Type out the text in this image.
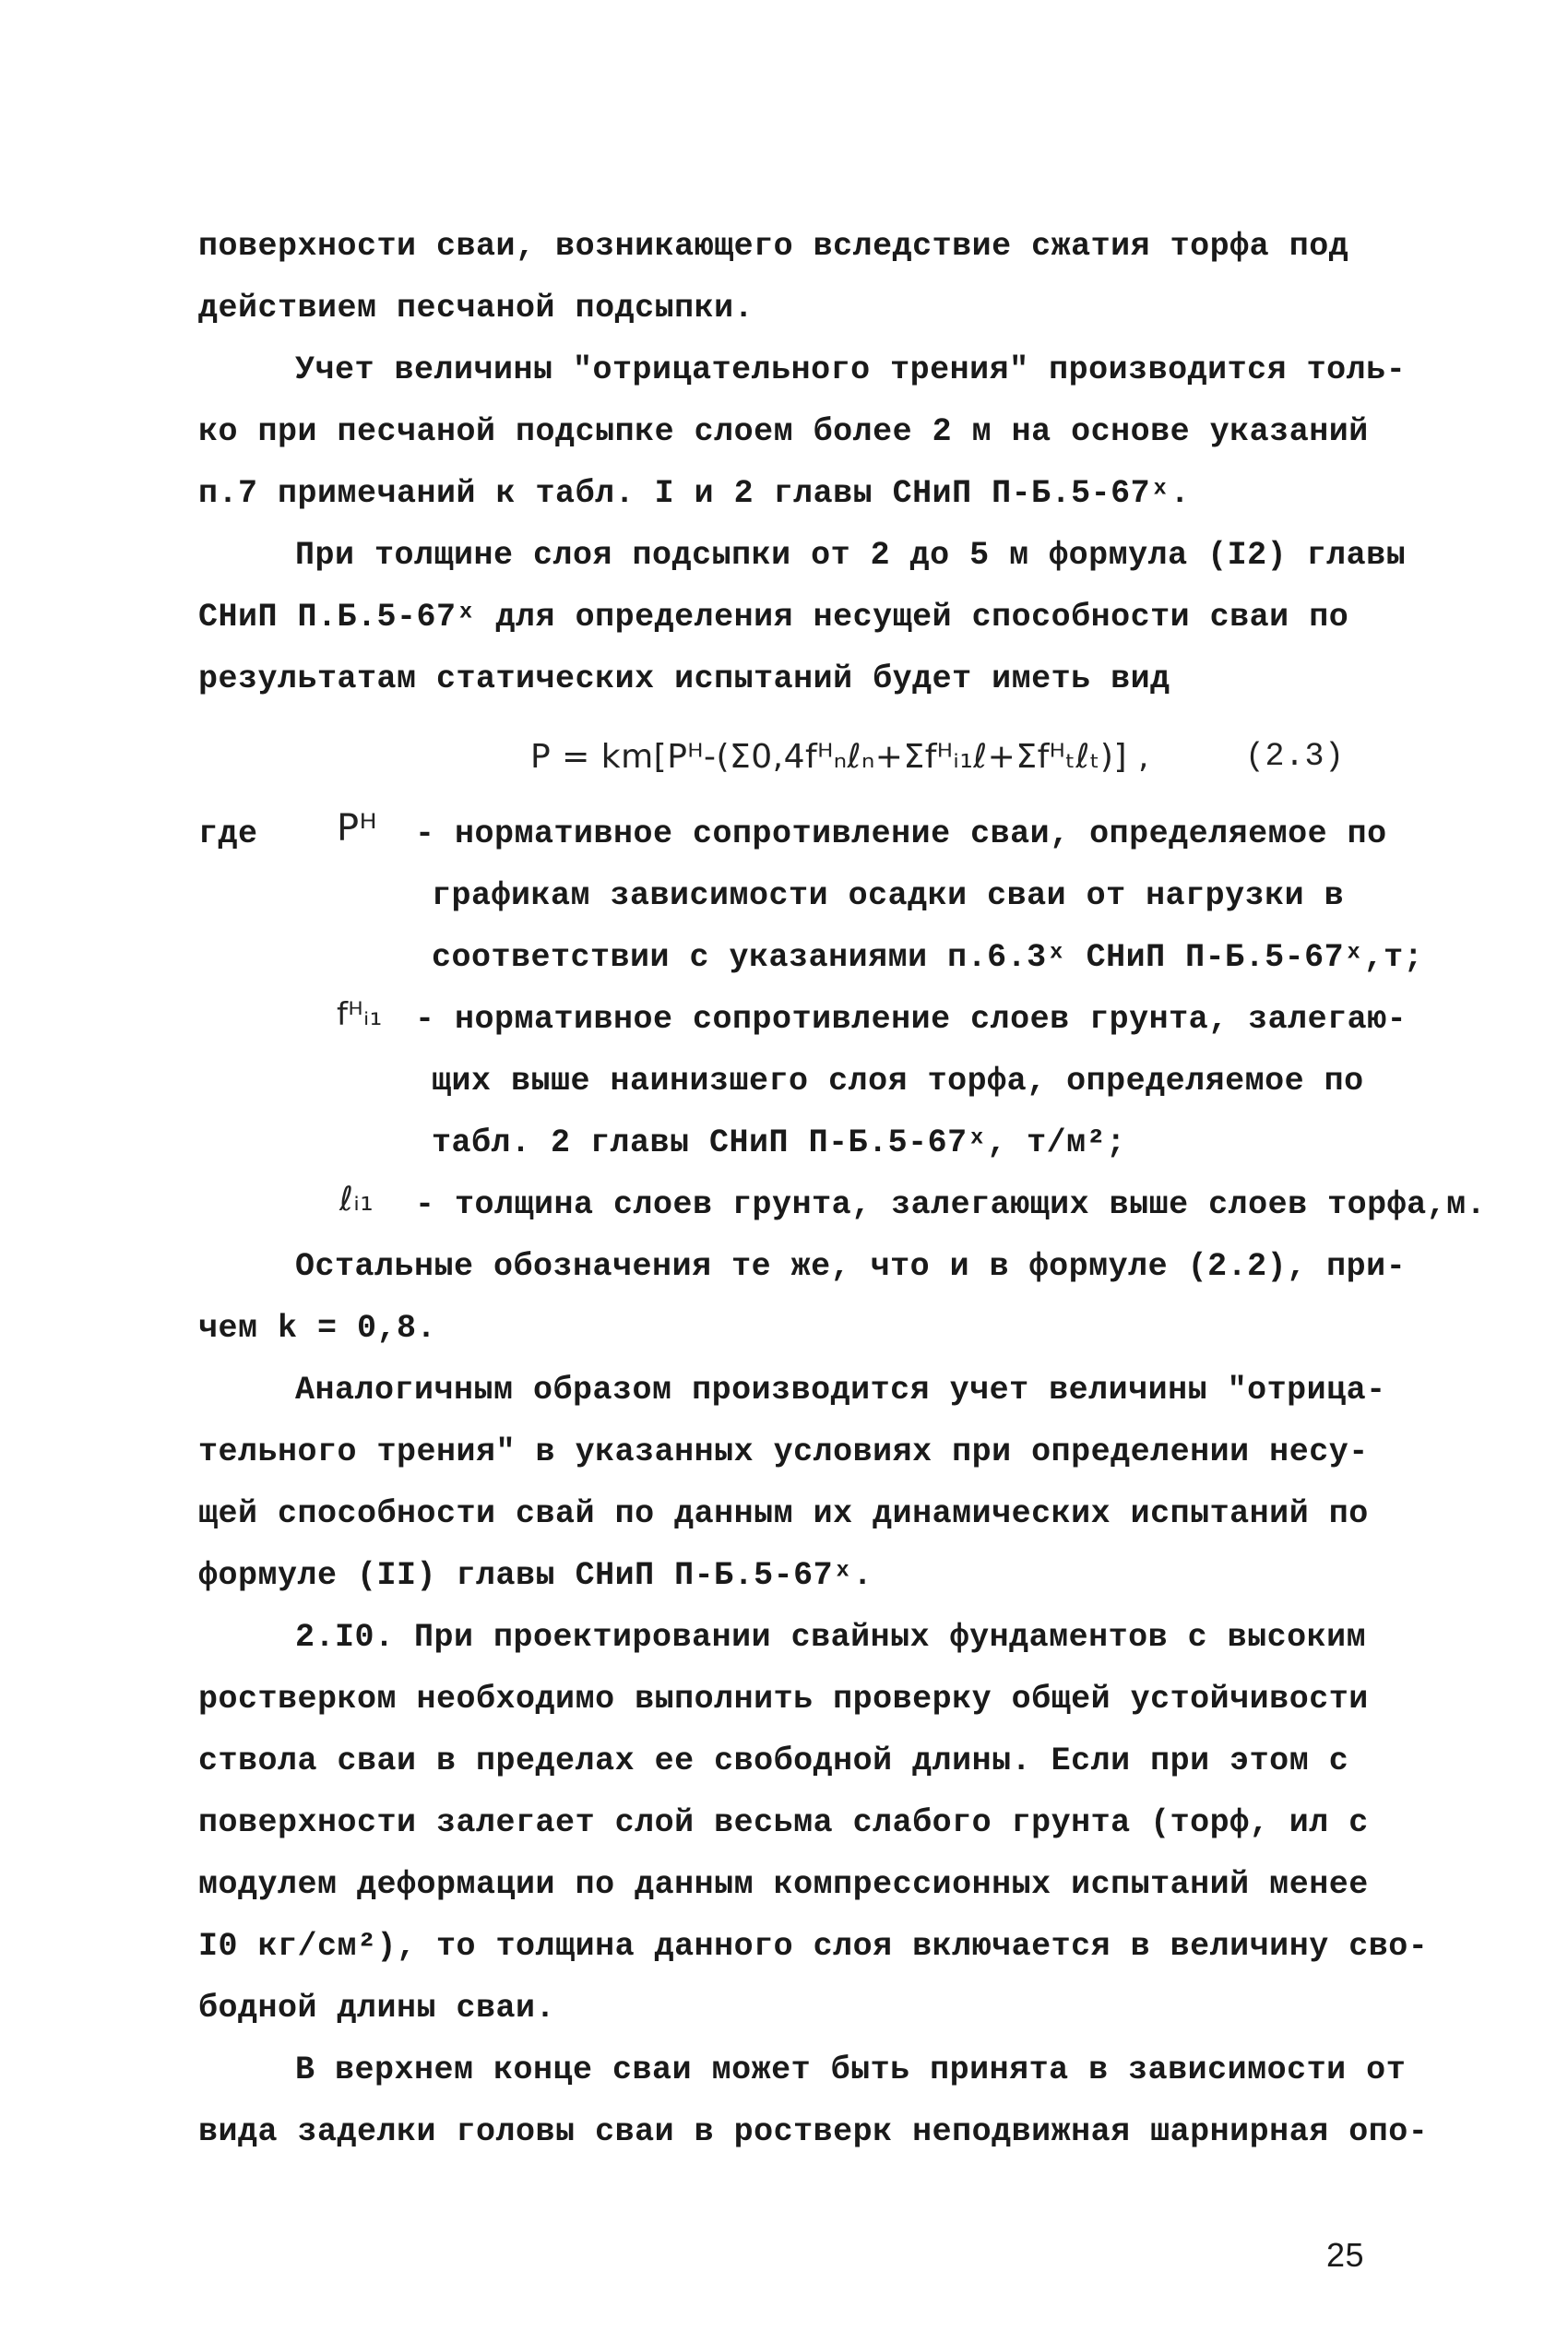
поверхности сваи, возникающего вследствие сжатия торфа под
действием песчаной подсыпки.
Учет величины "отрицательного трения" производится толь-
ко при песчаной подсыпке слоем более 2 м на основе указаний
п.7 примечаний к табл. I и 2 главы СНиП П-Б.5-67ˣ.
При толщине слоя подсыпки от 2 до 5 м формула (I2) главы
СНиП П.Б.5-67ˣ для определения несущей способности сваи по
результатам статических испытаний будет иметь вид
где	- нормативное сопротивление сваи, определяемое по
графикам зависимости осадки сваи от нагрузки в
соответствии с указаниями п.6.3ˣ СНиП П-Б.5-67ˣ,т;
- нормативное сопротивление слоев грунта, залегаю-
щих выше наинизшего слоя торфа, определяемое по
табл. 2 главы СНиП П-Б.5-67ˣ, т/м²;
- толщина слоев грунта, залегающих выше слоев торфа,м.
Остальные обозначения те же, что и в формуле (2.2), при-
чем k = 0,8.
Аналогичным образом производится учет величины "отрица-
тельного трения" в указанных условиях при определении несу-
щей способности свай по данным их динамических испытаний по
формуле (II) главы СНиП П-Б.5-67ˣ.
2.I0. При проектировании свайных фундаментов с высоким
ростверком необходимо выполнить проверку общей устойчивости
ствола сваи в пределах ее свободной длины. Если при этом с
поверхности залегает слой весьма слабого грунта (торф, ил с
модулем деформации по данным компрессионных испытаний менее
I0 кг/см²), то толщина данного слоя включается в величину сво-
бодной длины сваи.
В верхнем конце сваи может быть принята в зависимости от
вида заделки головы сваи в ростверк неподвижная шарнирная опо-
P = km[Pᴴ-(Σ0,4fᴴₙℓₙ+Σfᴴᵢ₁ℓ+Σfᴴₜℓₜ)] ,	(2.3)
Pᴴ
fᴴᵢ₁
ℓᵢ₁
25
